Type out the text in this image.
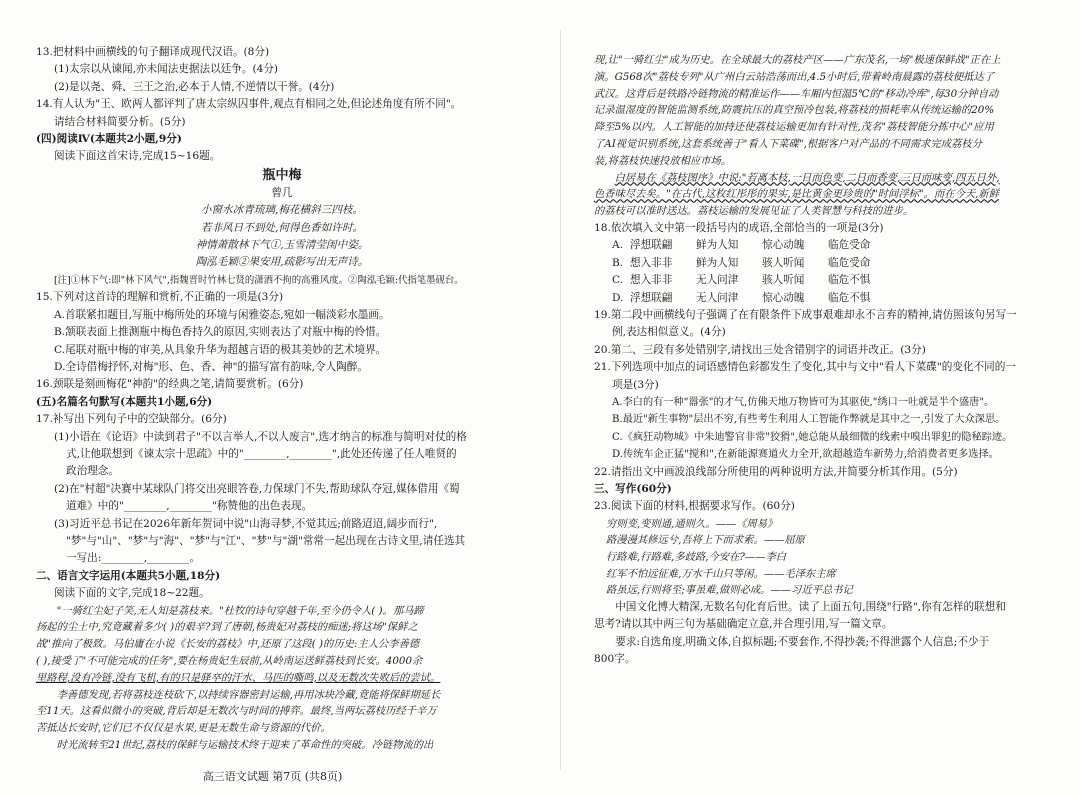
13.把材料中画横线的句子翻译成现代汉语。(8分)

(1)太宗以从谏闻,亦未闻法吏据法以廷争。(4分)

(2)是以尧、舜、三王之治,必本于人情,不逆情以干誉。(4分)

14.有人认为"王、欧两人都评判了唐太宗纵囚事件,观点有相同之处,但论述角度有所不同"。

请结合材料简要分析。(5分)

(四)阅读Ⅳ(本题共2小题,9分)

阅读下面这首宋诗,完成15~16题。

瓶中梅

曾几

小窗水冰青琉璃,梅花横斜三四枝。

若非风日不到处,何得色香如许时。

神情萧散林下气①,玉雪清莹闺中姿。

陶泓毛颖②果安用,疏影写出无声诗。

[注]①林下气:即"林下风气",指魏晋时竹林七贤的潇洒不拘的高雅风度。②陶泓毛颖:代指笔墨砚台。

15.下列对这首诗的理解和赏析,不正确的一项是(3分)

A.首联紧扣题目,写瓶中梅所处的环境与闲雅姿态,宛如一幅淡彩水墨画。

B.颔联表面上推测瓶中梅色香持久的原因,实则表达了对瓶中梅的怜惜。

C.尾联对瓶中梅的审美,从具象升华为超越言语的极其美妙的艺术境界。

D.全诗借梅抒怀,对梅"形、色、香、神"的描写富有韵味,令人陶醉。

16.颈联是刻画梅花"神韵"的经典之笔,请简要赏析。(6分)

(五)名篇名句默写(本题共1小题,6分)

17.补写出下列句子中的空缺部分。(6分)

(1)小语在《论语》中读到君子"不以言举人,不以人废言",选才纳言的标准与简明对仗的格

式,让他联想到《谏太宗十思疏》中的"________,________",此处还传递了任人唯贤的

政治理念。

(2)在"村超"决赛中某球队门将交出亮眼答卷,力保球门不失,帮助球队夺冠,媒体借用《蜀

道难》中的"________,________"称赞他的出色表现。

(3)习近平总书记在2026年新年贺词中说"山海寻梦,不觉其远;前路迢迢,阔步而行",

"梦"与"山"、"梦"与"海"、"梦"与"江"、"梦"与"湖"常常一起出现在古诗文里,请任选其

一写出:________,________。

二、语言文字运用(本题共5小题,18分)

阅读下面的文字,完成18~22题。

"一骑红尘妃子笑,无人知是荔枝来。"杜牧的诗句穿越千年,至今仍令人( )。那马蹄

扬起的尘土中,究竟藏着多少( )的艰辛?到了唐朝,杨贵妃对荔枝的痴迷;将这场"保鲜之

战"推向了极致。马伯庸在小说《长安的荔枝》中,还原了这段( )的历史:主人公李善德

( ),接受了"不可能完成的任务",要在杨贵妃生辰前,从岭南运送鲜荔枝到长安。4000余

里路程,没有冷链,没有飞机,有的只是驿卒的汗水、马匹的嘶鸣,以及无数次失败后的尝试。

李善德发现,若将荔枝连枝砍下,以持续容器密封运输,再用冰块冷藏,竟能将保鲜期延长

至11天。这看似微小的突破,背后却是无数次与时间的搏弈。最终,当两坛荔枝历经千辛万

苦抵达长安时,它们已不仅仅是水果,更是无数生命与资源的代价。

时光流转至21世纪,荔枝的保鲜与运输技术终于迎来了革命性的突破。冷链物流的出

现,让"一骑红尘"成为历史。在全球最大的荔枝产区——广东茂名,一场"极速保鲜战"正在上

演。G568次"荔枝专列"从广州白云站浩荡而出,4.5小时后,带着岭南晨露的荔枝便抵达了

武汉。这背后是铁路冷链物流的精准运作——车厢内恒温5℃的"移动冷库",每30分钟自动

记录温湿度的智能监测系统,防震抗压的真空预冷包装,将荔枝的损耗率从传统运输的20%

降至5%以内。人工智能的加持还使荔枝运输更加有针对性,茂名"荔枝智能分拣中心"应用

了AI视觉识别系统,这套系统善于"看人下菜碟",根据客户对产品的不同需求完成荔枝分

装,将荔枝快速投放相应市场。

白居易在《荔枝图序》中说:"若离本枝,一日而色变,二日而香变,三日而味变,四五日外,

色香味尽去矣。"在古代,这枚红彤彤的果实,是比黄金更珍贵的"时间浮标"。而在今天,新鲜

的荔枝可以准时送达。荔枝运输的发展见证了人类智慧与科技的进步。

18.依次填入文中第一段括号内的成语,全部恰当的一项是(3分)

A. 浮想联翩	鲜为人知	惊心动魄	临危受命
B. 想入非非	鲜为人知	骇人听闻	临危受命
C. 想入非非	无人问津	骇人听闻	临危不惧
D. 浮想联翩	无人问津	惊心动魄	临危不惧

19.第二段中画横线句子强调了在有限条件下成事艰难却永不言弃的精神,请仿照该句另写一

例,表达相似意义。(4分)

20.第二、三段有多处错别字,请找出三处含错别字的词语并改正。(3分)

21.下列选项中加点的词语感情色彩都发生了变化,其中与文中"看人下菜碟"的变化不同的一

项是(3分)

A.李白的有一种"嚣张"的才气,仿佛天地万物皆可为其驱使,"绣口一吐就是半个盛唐"。

B.最近"新生事物"层出不穷,有些考生利用人工智能作弊就是其中之一,引发了大众深思。

C.《疯狂动物城》中朱迪警官非常"狡猾",她总能从最细微的线索中嗅出罪犯的隐秘踪迹。

D.传统车企正猛"搅和",在新能源赛道火力全开,欲超越造车新势力,给消费者更多选择。

22.请指出文中画波浪线部分所使用的两种说明方法,并简要分析其作用。(5分)

三、写作(60分)

23.阅读下面的材料,根据要求写作。(60分)

穷则变,变则通,通则久。——《周易》

路漫漫其修远兮,吾将上下而求索。——屈原

行路难,行路难,多歧路,今安在?——李白

红军不怕远征难,万水千山只等闲。——毛泽东主席

路虽远,行则将至;事虽难,做则必成。——习近平总书记

中国文化博大精深,无数名句化育后世。读了上面五句,围绕"行路",你有怎样的联想和

思考?请以其中两三句为基础确定立意,并合理引用,写一篇文章。

要求:自选角度,明确文体,自拟标题;不要套作,不得抄袭;不得泄露个人信息;不少于

800字。

高三语文试题 第7页 (共8页)
